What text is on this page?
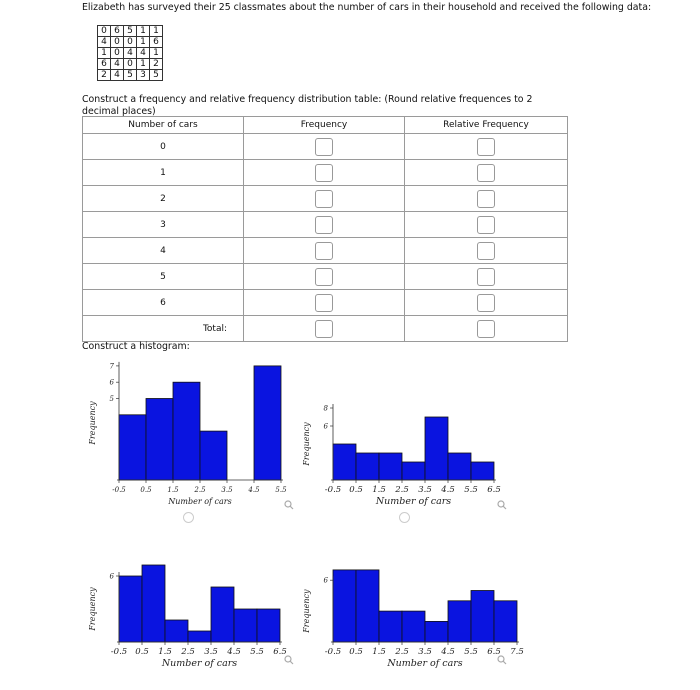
Elizabeth has surveyed their 25 classmates about the number of cars in their household and received the following data:
0	6	5	1	1
4	0	0	1	6
1	0	4	4	1
6	4	0	1	2
2	4	5	3	5
Construct a frequency and relative frequency distribution table: (Round relative frequences to 2 decimal places)
Number of cars	Frequency	Relative Frequency
0		
1		
2		
3		
4		
5		
6		
Total:		
Construct a histogram:
-0.5 0.5 1.5 2.5 3.5 4.5 5.5
7
6
5
Frequency
Number of cars
-0.5 0.5 1.5 2.5 3.5 4.5 5.5 6.5
8
6
Frequency
Number of cars
-0.5 0.5 1.5 2.5 3.5 4.5 5.5 6.5
6
Frequency
Number of cars
-0.5 0.5 1.5 2.5 3.5 4.5 5.5 6.5 7.5
6
Frequency
Number of cars
